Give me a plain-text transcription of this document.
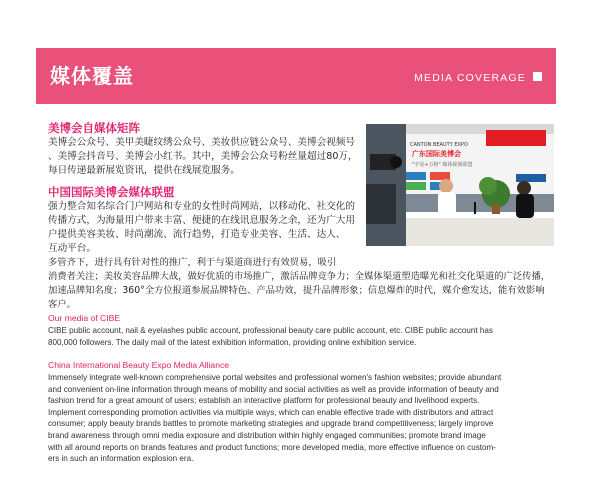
媒体覆盖	MEDIA COVERAGE
美博会自媒体矩阵
美博会公众号、美甲美睫纹绣公众号、美妆供应链公众号、美博会视频号
、美博会抖音号、美博会小红书。其中，美博会公众号粉丝量超过80万，
每日传递最新展览资讯，提供在线展览服务。
中国国际美博会媒体联盟
强力整合知名综合门户网站和专业的女性时尚网站，以移动化、社交化的
传播方式，为海量用户带来丰富、便捷的在线讯息服务之余，还为广大用
户提供美容美妆、时尚潮流、流行趋势，打造专业美容、生活、达人、
互动平台。
多管齐下，进行具有针对性的推广，利于与渠道商进行有效贸易，吸引
消费者关注；美妆美容品牌大战，做好优质的市场推广，激活品牌竞争力；全媒体渠道塑造曝光和社交化渠道的广泛传播，
加速品牌知名度；360°全方位报道参展品牌特色、产品功效，提升品牌形象；信息爆炸的时代，媒介愈发达，能有效影响
客户。
CANTON BEAUTY EXPO
广东国际美博会
"字母+万榜" 媒体视频联盟
Our media of CIBE
CIBE public account, nail & eyelashes public account, professional beauty care public account, etc. CIBE public account has
800,000 followers. The daily mail of the latest exhibition information, providing online exhibition service.
China International Beauty Expo Media Alliance
Immensely integrate well-known comprehensive portal websites and professional women's fashion websites; provide abundant
and convenient on-line information through means of mobility and social activities as well as provide information of beauty and
fashion trend for a great amount of users; establish an interactive platform for professional beauty and livelihood experts.
Implement corresponding promotion activities via multiple ways, which can enable effective trade with distributors and attract
consumer; apply beauty brands battles to promote marketing strategies and upgrade brand competitiveness; largely improve
brand awareness through omni media exposure and distribution within highly engaged communities; promote brand image
with all around reports on brands features and product functions; more developed media, more effective influence on custom-
ers in such an information explosion era.
